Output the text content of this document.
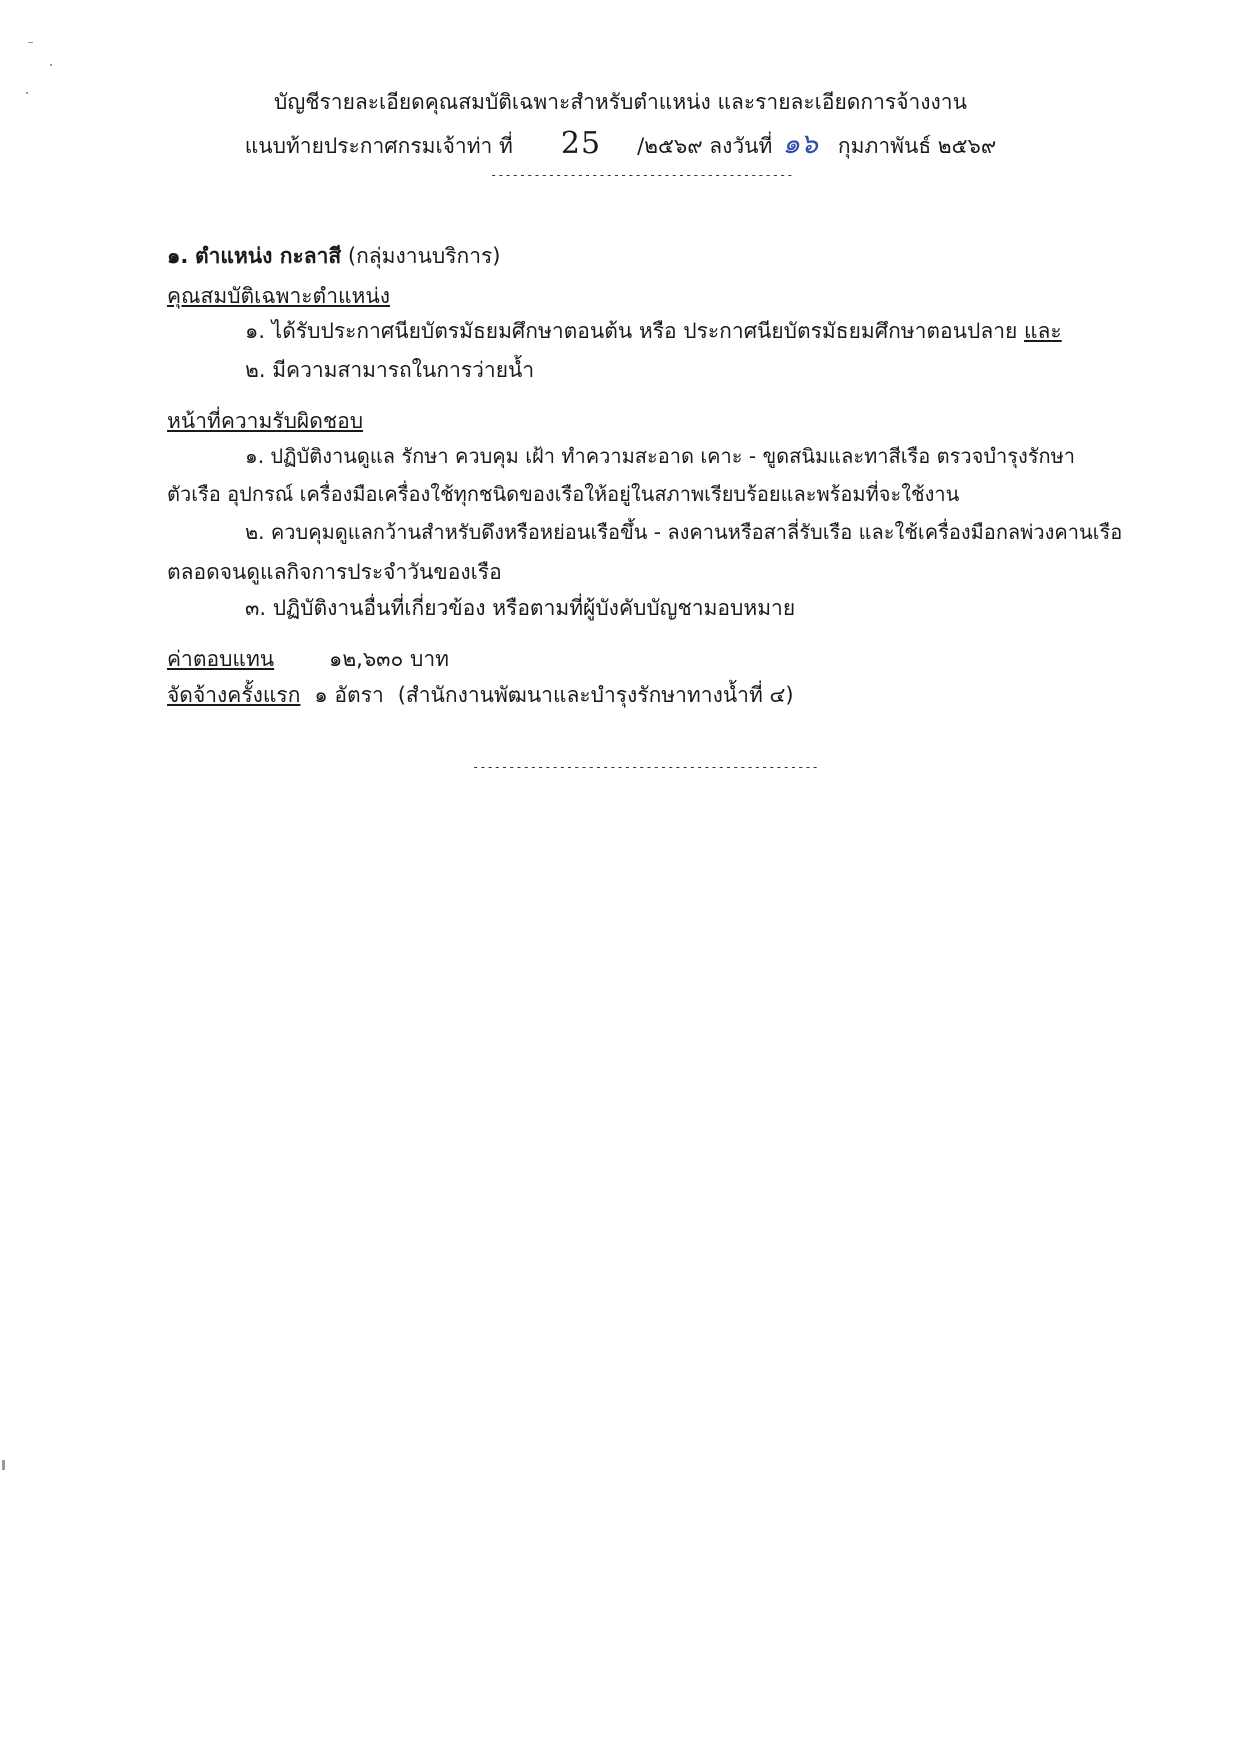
บัญชีรายละเอียดคุณสมบัติเฉพาะสำหรับตำแหน่ง และรายละเอียดการจ้างงาน
แนบท้ายประกาศกรมเจ้าท่า ที่ 25 /๒๕๖๙ ลงวันที่ ๑๖ กุมภาพันธ์ ๒๕๖๙
------------------------------------------
๑. ตำแหน่ง กะลาสี (กลุ่มงานบริการ)
คุณสมบัติเฉพาะตำแหน่ง
๑. ได้รับประกาศนียบัตรมัธยมศึกษาตอนต้น หรือ ประกาศนียบัตรมัธยมศึกษาตอนปลาย และ
๒. มีความสามารถในการว่ายน้ำ
หน้าที่ความรับผิดชอบ
๑. ปฏิบัติงานดูแล รักษา ควบคุม เฝ้า ทำความสะอาด เคาะ - ขูดสนิมและทาสีเรือ ตรวจบำรุงรักษา
ตัวเรือ อุปกรณ์ เครื่องมือเครื่องใช้ทุกชนิดของเรือให้อยู่ในสภาพเรียบร้อยและพร้อมที่จะใช้งาน
๒. ควบคุมดูแลกว้านสำหรับดึงหรือหย่อนเรือขึ้น - ลงคานหรือสาลี่รับเรือ และใช้เครื่องมือกลพ่วงคานเรือ
ตลอดจนดูแลกิจการประจำวันของเรือ
๓. ปฏิบัติงานอื่นที่เกี่ยวข้อง หรือตามที่ผู้บังคับบัญชามอบหมาย
ค่าตอบแทน	๑๒,๖๓๐ บาท
จัดจ้างครั้งแรก ๑ อัตรา (สำนักงานพัฒนาและบำรุงรักษาทางน้ำที่ ๔)
------------------------------------------------
